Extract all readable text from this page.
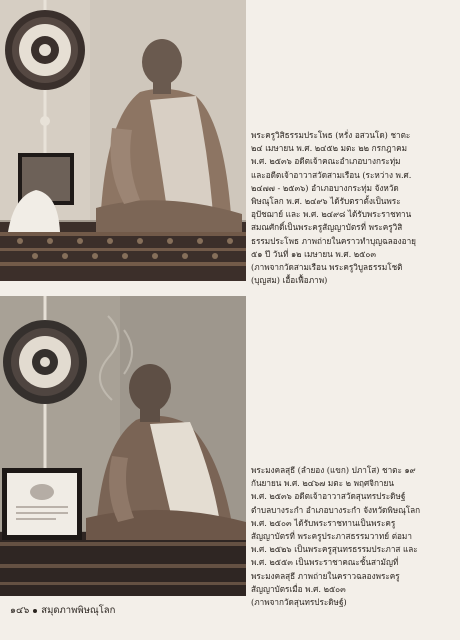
พระครูวิสิธรรมประโพธ (หรั่ง อสวนโด) ชาตะ
๒๔ เมษายน พ.ศ. ๒๔๕๒ มตะ ๒๒ กรกฎาคม
พ.ศ. ๒๕๓๖ อดีตเจ้าคณะอำเภอบางกระทุ่ม
และอดีตเจ้าอาวาสวัดสามเรือน (ระหว่าง พ.ศ.
๒๔๗๗ - ๒๕๓๖) อำเภอบางกระทุ่ม จังหวัด
พิษณุโลก พ.ศ. ๒๔๙๖ ได้รับตราตั้งเป็นพระ
อุปัชฌาย์ และ พ.ศ. ๒๔๙๘ ได้รับพระราชทาน
สมณศักดิ์เป็นพระครูสัญญาบัตรที่ พระครูวิสิ
ธรรมประโพธ ภาพถ่ายในคราวทำบุญฉลองอายุ
๕๑ ปี วันที่ ๑๒ เมษายน พ.ศ. ๒๕๐๓
(ภาพจากวัดสามเรือน พระครูวิบูลธรรมโชติ
(บุญสม) เอื้อเฟื้อภาพ)
พระมงคลสุธี (ลำยอง (แขก) ปภาโส) ชาตะ ๑๙
กันยายน พ.ศ. ๒๔๖๗ มตะ ๒ พฤศจิกายน
พ.ศ. ๒๕๓๖ อดีตเจ้าอาวาสวัดสุนทรประดิษฐ์
ตำบลบางระกำ อำเภอบางระกำ จังหวัดพิษณุโลก
พ.ศ. ๒๕๐๓ ได้รับพระราชทานเป็นพระครู
สัญญาบัตรที่ พระครูประภาสธรรมวาทย์ ต่อมา
พ.ศ. ๒๕๒๖ เป็นพระครูสุนทรธรรมประภาส และ
พ.ศ. ๒๕๕๓ เป็นพระราชาคณะชั้นสามัญที่
พระมงคลสุธี ภาพถ่ายในคราวฉลองพระครู
สัญญาบัตรเมื่อ พ.ศ. ๒๕๐๓
(ภาพจากวัดสุนทรประดิษฐ์)
๑๔๖ สมุดภาพพิษณุโลก
